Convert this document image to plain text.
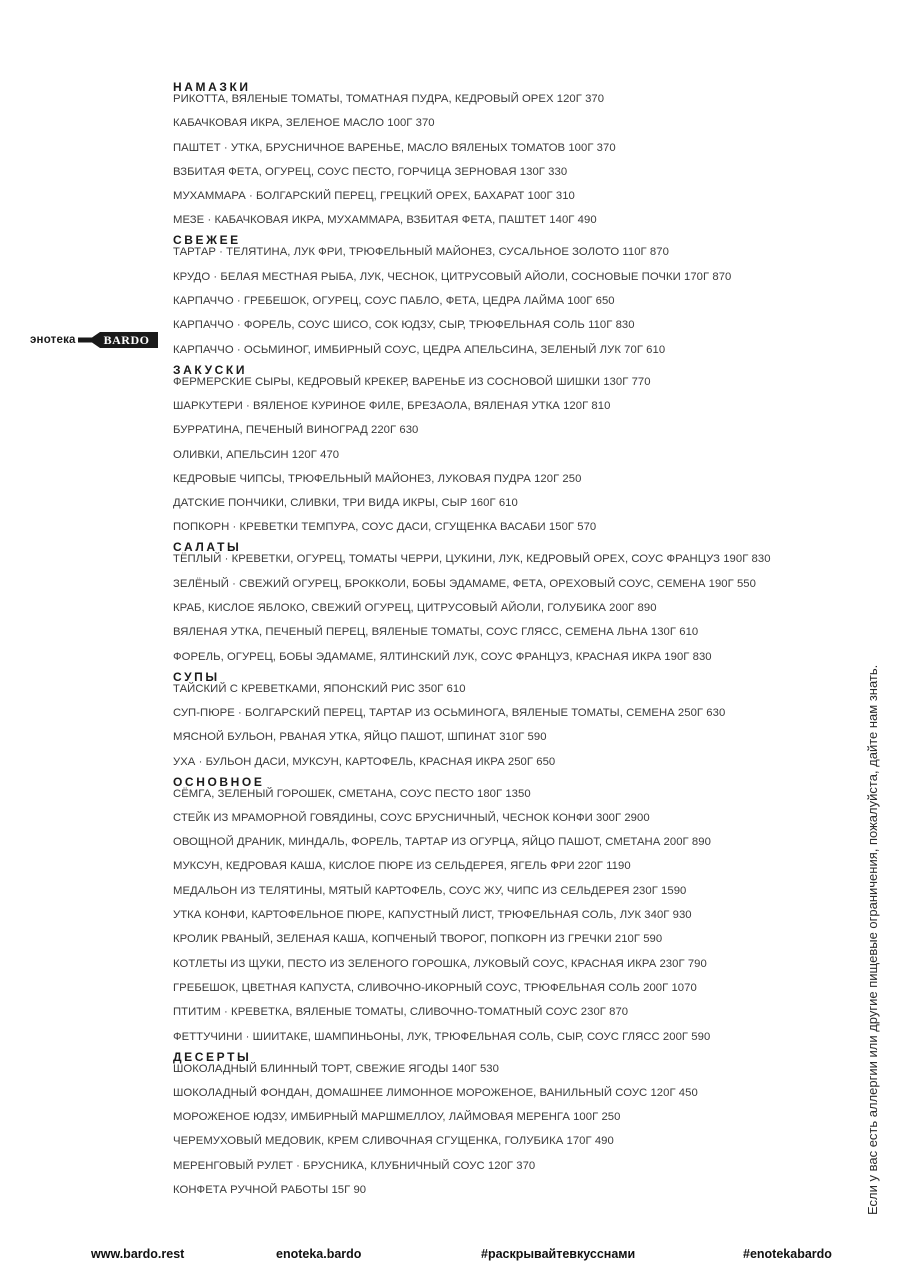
энотека BARDO
НАМАЗКИ
РИКОТТА, ВЯЛЕНЫЕ ТОМАТЫ, ТОМАТНАЯ ПУДРА, КЕДРОВЫЙ ОРЕХ 120Г 370
КАБАЧКОВАЯ ИКРА, ЗЕЛЕНОЕ МАСЛО 100Г 370
ПАШТЕТ · УТКА, БРУСНИЧНОЕ ВАРЕНЬЕ, МАСЛО ВЯЛЕНЫХ ТОМАТОВ 100Г 370
ВЗБИТАЯ ФЕТА, ОГУРЕЦ, СОУС ПЕСТО, ГОРЧИЦА ЗЕРНОВАЯ 130Г 330
МУХАММАРА · БОЛГАРСКИЙ ПЕРЕЦ, ГРЕЦКИЙ ОРЕХ, БАХАРАТ 100Г 310
МЕЗЕ · КАБАЧКОВАЯ ИКРА, МУХАММАРА, ВЗБИТАЯ ФЕТА, ПАШТЕТ 140Г 490
СВЕЖЕЕ
ТАРТАР · ТЕЛЯТИНА, ЛУК ФРИ, ТРЮФЕЛЬНЫЙ МАЙОНЕЗ, СУСАЛЬНОЕ ЗОЛОТО 110Г 870
КРУДО · БЕЛАЯ МЕСТНАЯ РЫБА, ЛУК, ЧЕСНОК, ЦИТРУСОВЫЙ АЙОЛИ, СОСНОВЫЕ ПОЧКИ 170Г 870
КАРПАЧЧО · ГРЕБЕШОК, ОГУРЕЦ, СОУС ПАБЛО, ФЕТА, ЦЕДРА ЛАЙМА 100Г 650
КАРПАЧЧО · ФОРЕЛЬ, СОУС ШИСО, СОК ЮДЗУ, СЫР, ТРЮФЕЛЬНАЯ СОЛЬ 110Г 830
КАРПАЧЧО · ОСЬМИНОГ, ИМБИРНЫЙ СОУС, ЦЕДРА АПЕЛЬСИНА, ЗЕЛЕНЫЙ ЛУК 70Г 610
ЗАКУСКИ
ФЕРМЕРСКИЕ СЫРЫ, КЕДРОВЫЙ КРЕКЕР, ВАРЕНЬЕ ИЗ СОСНОВОЙ ШИШКИ 130Г 770
ШАРКУТЕРИ · ВЯЛЕНОЕ КУРИНОЕ ФИЛЕ, БРЕЗАОЛА, ВЯЛЕНАЯ УТКА 120Г 810
БУРРАТИНА, ПЕЧЕНЫЙ ВИНОГРАД 220Г 630
ОЛИВКИ, АПЕЛЬСИН 120Г 470
КЕДРОВЫЕ ЧИПСЫ, ТРЮФЕЛЬНЫЙ МАЙОНЕЗ, ЛУКОВАЯ ПУДРА 120Г 250
ДАТСКИЕ ПОНЧИКИ, СЛИВКИ, ТРИ ВИДА ИКРЫ, СЫР 160Г 610
ПОПКОРН · КРЕВЕТКИ ТЕМПУРА, СОУС ДАСИ, СГУЩЕНКА ВАСАБИ 150Г 570
САЛАТЫ
ТЁПЛЫЙ · КРЕВЕТКИ, ОГУРЕЦ, ТОМАТЫ ЧЕРРИ, ЦУКИНИ, ЛУК, КЕДРОВЫЙ ОРЕХ, СОУС ФРАНЦУЗ 190Г 830
ЗЕЛЁНЫЙ · СВЕЖИЙ ОГУРЕЦ, БРОККОЛИ, БОБЫ ЭДАМАМЕ, ФЕТА, ОРЕХОВЫЙ СОУС, СЕМЕНА 190Г 550
КРАБ, КИСЛОЕ ЯБЛОКО, СВЕЖИЙ ОГУРЕЦ, ЦИТРУСОВЫЙ АЙОЛИ, ГОЛУБИКА 200Г 890
ВЯЛЕНАЯ УТКА, ПЕЧЕНЫЙ ПЕРЕЦ, ВЯЛЕНЫЕ ТОМАТЫ, СОУС ГЛЯСС, СЕМЕНА ЛЬНА 130Г 610
ФОРЕЛЬ, ОГУРЕЦ, БОБЫ ЭДАМАМЕ, ЯЛТИНСКИЙ ЛУК, СОУС ФРАНЦУЗ, КРАСНАЯ ИКРА 190Г 830
СУПЫ
ТАЙСКИЙ С КРЕВЕТКАМИ, ЯПОНСКИЙ РИС 350Г 610
СУП-ПЮРЕ · БОЛГАРСКИЙ ПЕРЕЦ, ТАРТАР ИЗ ОСЬМИНОГА, ВЯЛЕНЫЕ ТОМАТЫ, СЕМЕНА 250Г 630
МЯСНОЙ БУЛЬОН, РВАНАЯ УТКА, ЯЙЦО ПАШОТ, ШПИНАТ 310Г 590
УХА · БУЛЬОН ДАСИ, МУКСУН, КАРТОФЕЛЬ, КРАСНАЯ ИКРА 250Г 650
ОСНОВНОЕ
СЁМГА, ЗЕЛЕНЫЙ ГОРОШЕК, СМЕТАНА, СОУС ПЕСТО 180Г 1350
СТЕЙК ИЗ МРАМОРНОЙ ГОВЯДИНЫ, СОУС БРУСНИЧНЫЙ, ЧЕСНОК КОНФИ 300Г 2900
ОВОЩНОЙ ДРАНИК, МИНДАЛЬ, ФОРЕЛЬ, ТАРТАР ИЗ ОГУРЦА, ЯЙЦО ПАШОТ, СМЕТАНА 200Г 890
МУКСУН, КЕДРОВАЯ КАША, КИСЛОЕ ПЮРЕ ИЗ СЕЛЬДЕРЕЯ, ЯГЕЛЬ ФРИ 220Г 1190
МЕДАЛЬОН ИЗ ТЕЛЯТИНЫ, МЯТЫЙ КАРТОФЕЛЬ, СОУС ЖУ, ЧИПС ИЗ СЕЛЬДЕРЕЯ 230Г 1590
УТКА КОНФИ, КАРТОФЕЛЬНОЕ ПЮРЕ, КАПУСТНЫЙ ЛИСТ, ТРЮФЕЛЬНАЯ СОЛЬ, ЛУК 340Г 930
КРОЛИК РВАНЫЙ, ЗЕЛЕНАЯ КАША, КОПЧЕНЫЙ ТВОРОГ, ПОПКОРН ИЗ ГРЕЧКИ 210Г 590
КОТЛЕТЫ ИЗ ЩУКИ, ПЕСТО ИЗ ЗЕЛЕНОГО ГОРОШКА, ЛУКОВЫЙ СОУС, КРАСНАЯ ИКРА 230Г 790
ГРЕБЕШОК, ЦВЕТНАЯ КАПУСТА, СЛИВОЧНО-ИКОРНЫЙ СОУС, ТРЮФЕЛЬНАЯ СОЛЬ 200Г 1070
ПТИТИМ · КРЕВЕТКА, ВЯЛЕНЫЕ ТОМАТЫ, СЛИВОЧНО-ТОМАТНЫЙ СОУС 230Г 870
ФЕТТУЧИНИ · ШИИТАКЕ, ШАМПИНЬОНЫ, ЛУК, ТРЮФЕЛЬНАЯ СОЛЬ, СЫР, СОУС ГЛЯСС 200Г 590
ДЕСЕРТЫ
ШОКОЛАДНЫЙ БЛИННЫЙ ТОРТ, СВЕЖИЕ ЯГОДЫ 140Г 530
ШОКОЛАДНЫЙ ФОНДАН, ДОМАШНЕЕ ЛИМОННОЕ МОРОЖЕНОЕ, ВАНИЛЬНЫЙ СОУС 120Г 450
МОРОЖЕНОЕ ЮДЗУ, ИМБИРНЫЙ МАРШМЕЛЛОУ, ЛАЙМОВАЯ МЕРЕНГА 100Г 250
ЧЕРЕМУХОВЫЙ МЕДОВИК, КРЕМ СЛИВОЧНАЯ СГУЩЕНКА, ГОЛУБИКА 170Г 490
МЕРЕНГОВЫЙ РУЛЕТ · БРУСНИКА, КЛУБНИЧНЫЙ СОУС 120Г 370
КОНФЕТА РУЧНОЙ РАБОТЫ 15Г 90	Если у вас есть аллергии или другие пищевые ограничения, пожалуйста, дайте нам знать.
www.bardo.rest	enoteka.bardo	#раскрывайтевкусснами	#enotekabardo
